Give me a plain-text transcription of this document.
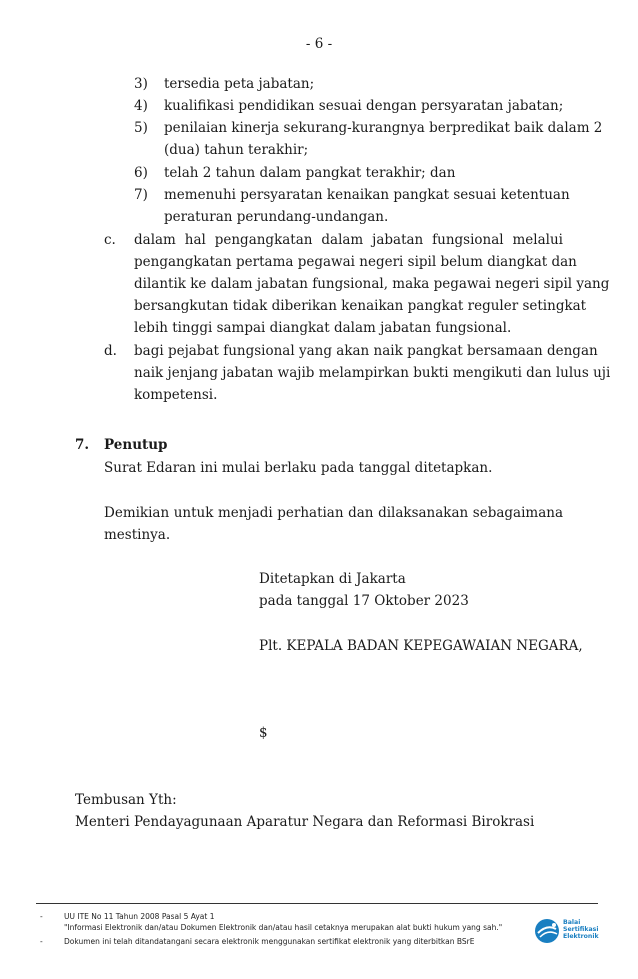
- 6 -
3) tersedia peta jabatan;
4) kualifikasi pendidikan sesuai dengan persyaratan jabatan;
5) penilaian kinerja sekurang-kurangnya berpredikat baik dalam 2
(dua) tahun terakhir;
6) telah 2 tahun dalam pangkat terakhir; dan
7) memenuhi persyaratan kenaikan pangkat sesuai ketentuan
peraturan perundang-undangan.
c. dalam hal pengangkatan dalam jabatan fungsional melalui
pengangkatan pertama pegawai negeri sipil belum diangkat dan
dilantik ke dalam jabatan fungsional, maka pegawai negeri sipil yang
bersangkutan tidak diberikan kenaikan pangkat reguler setingkat
lebih tinggi sampai diangkat dalam jabatan fungsional.
d. bagi pejabat fungsional yang akan naik pangkat bersamaan dengan
naik jenjang jabatan wajib melampirkan bukti mengikuti dan lulus uji
kompetensi.
7. Penutup
Surat Edaran ini mulai berlaku pada tanggal ditetapkan.
Demikian untuk menjadi perhatian dan dilaksanakan sebagaimana
mestinya.
Ditetapkan di Jakarta
pada tanggal 17 Oktober 2023
Plt. KEPALA BADAN KEPEGAWAIAN NEGARA,
$
Tembusan Yth:
Menteri Pendayagunaan Aparatur Negara dan Reformasi Birokrasi
-	UU ITE No 11 Tahun 2008 Pasal 5 Ayat 1
"Informasi Elektronik dan/atau Dokumen Elektronik dan/atau hasil cetaknya merupakan alat bukti hukum yang sah."
-	Dokumen ini telah ditandatangani secara elektronik menggunakan sertifikat elektronik yang diterbitkan BSrE
Balai
Sertifikasi
Elektronik
